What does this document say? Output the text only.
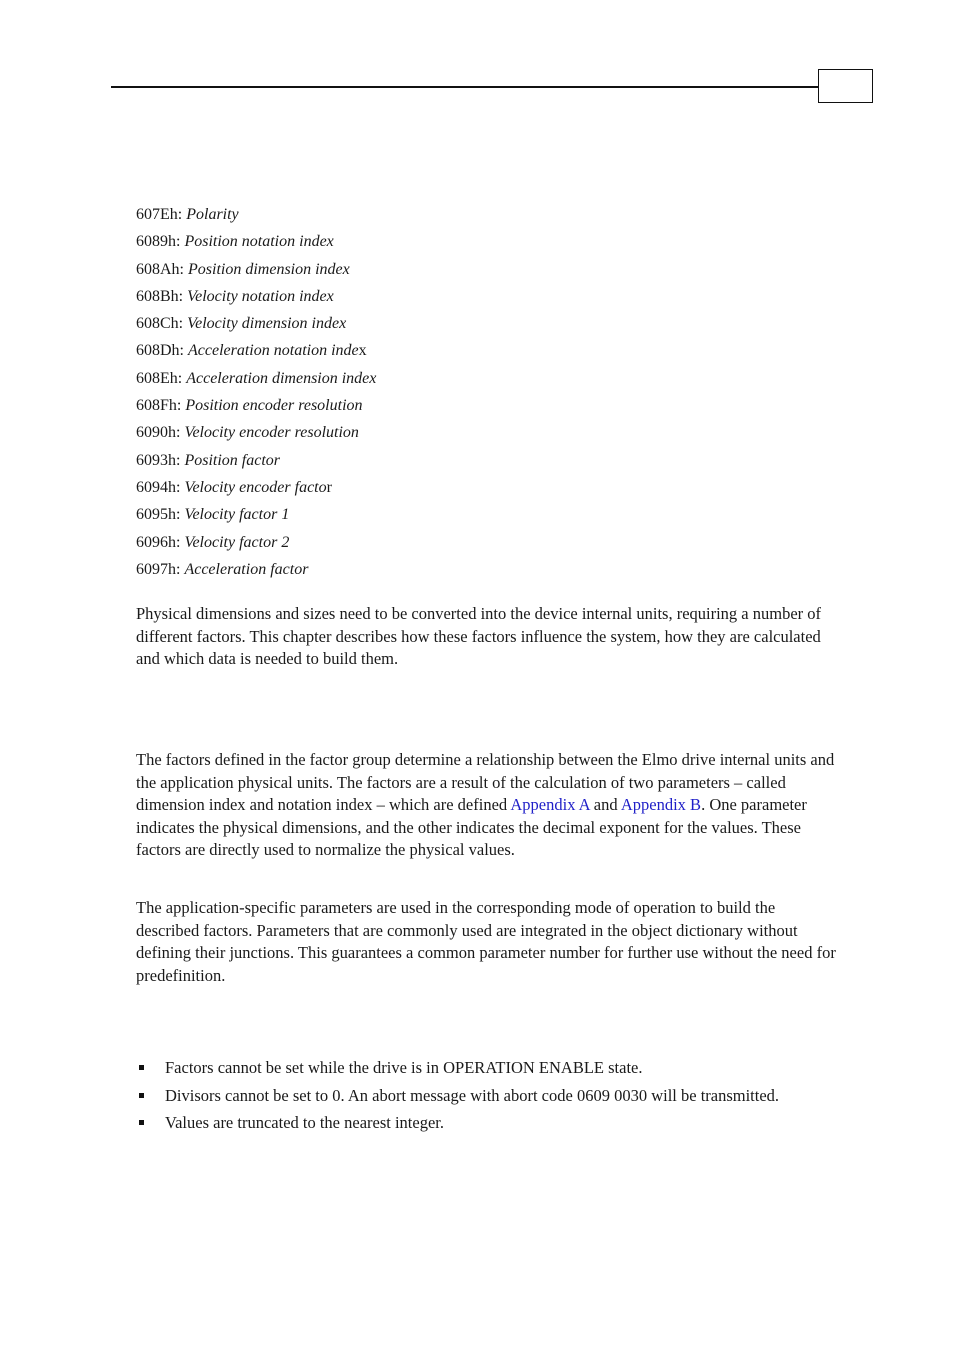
607Eh: Polarity
6089h: Position notation index
608Ah: Position dimension index
608Bh: Velocity notation index
608Ch: Velocity dimension index
608Dh: Acceleration notation index
608Eh: Acceleration dimension index
608Fh: Position encoder resolution
6090h: Velocity encoder resolution
6093h: Position factor
6094h: Velocity encoder factor
6095h: Velocity factor 1
6096h: Velocity factor 2
6097h: Acceleration factor

Physical dimensions and sizes need to be converted into the device internal units, requiring a number of different factors. This chapter describes how these factors influence the system, how they are calculated and which data is needed to build them.

The factors defined in the factor group determine a relationship between the Elmo drive internal units and the application physical units. The factors are a result of the calculation of two parameters – called dimension index and notation index – which are defined Appendix A and Appendix B. One parameter indicates the physical dimensions, and the other indicates the decimal exponent for the values. These factors are directly used to normalize the physical values.

The application-specific parameters are used in the corresponding mode of operation to build the described factors. Parameters that are commonly used are integrated in the object dictionary without defining their junctions. This guarantees a common parameter number for further use without the need for predefinition.

Factors cannot be set while the drive is in OPERATION ENABLE state.
Divisors cannot be set to 0. An abort message with abort code 0609 0030 will be transmitted.
Values are truncated to the nearest integer.
